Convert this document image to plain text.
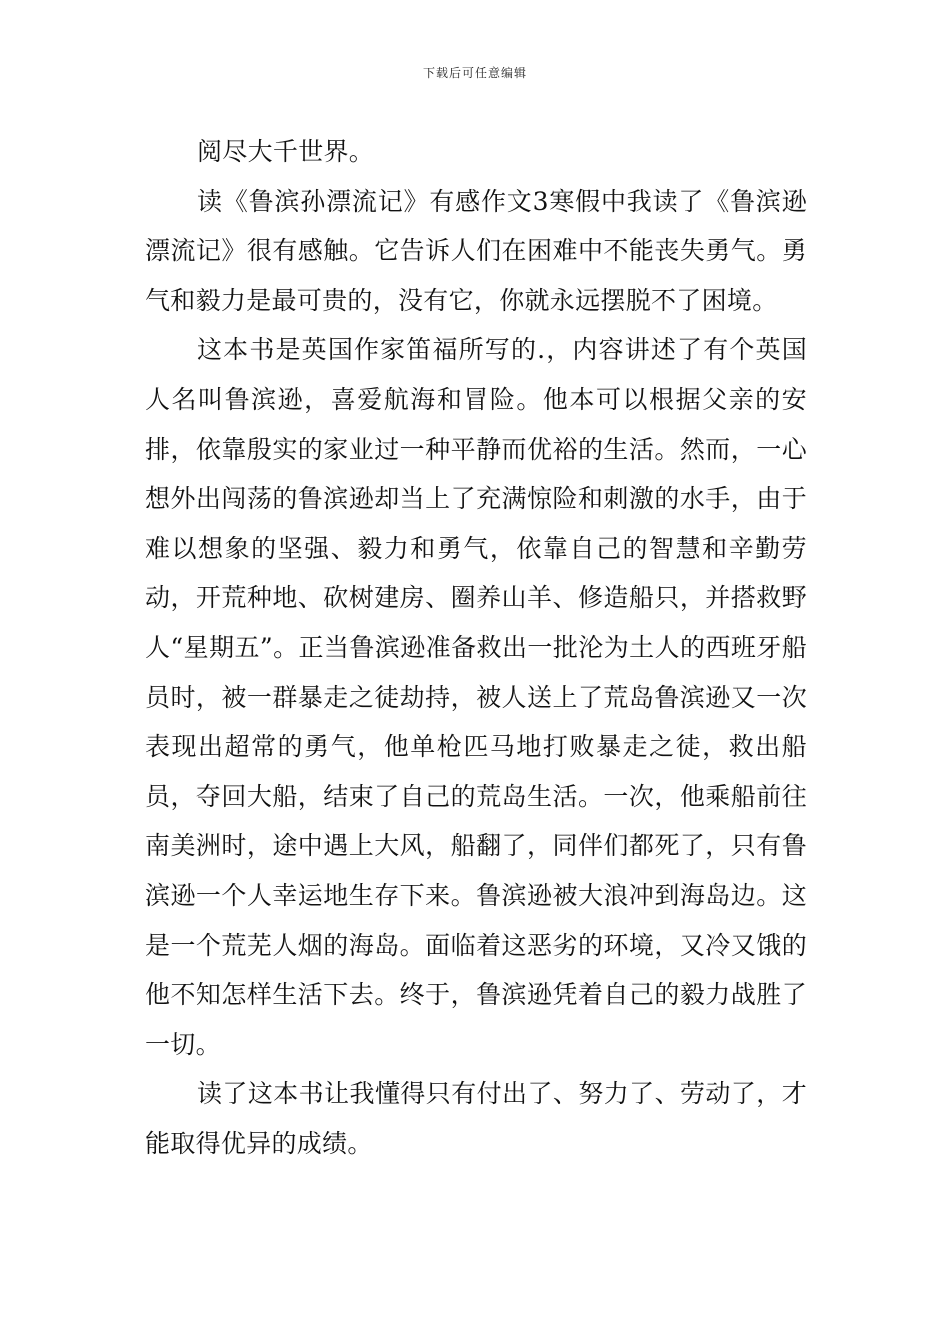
下载后可任意编辑

阅尽大千世界。

读《鲁滨孙漂流记》有感作文3寒假中我读了《鲁滨逊漂流记》很有感触。它告诉人们在困难中不能丧失勇气。勇气和毅力是最可贵的，没有它，你就永远摆脱不了困境。

这本书是英国作家笛福所写的.，内容讲述了有个英国人名叫鲁滨逊，喜爱航海和冒险。他本可以根据父亲的安排，依靠殷实的家业过一种平静而优裕的生活。然而，一心想外出闯荡的鲁滨逊却当上了充满惊险和刺激的水手，由于难以想象的坚强、毅力和勇气，依靠自己的智慧和辛勤劳动，开荒种地、砍树建房、圈养山羊、修造船只，并搭救野人“星期五”。正当鲁滨逊准备救出一批沦为土人的西班牙船员时，被一群暴走之徒劫持，被人送上了荒岛鲁滨逊又一次表现出超常的勇气，他单枪匹马地打败暴走之徒，救出船员，夺回大船，结束了自己的荒岛生活。一次，他乘船前往南美洲时，途中遇上大风，船翻了，同伴们都死了，只有鲁滨逊一个人幸运地生存下来。鲁滨逊被大浪冲到海岛边。这是一个荒芜人烟的海岛。面临着这恶劣的环境，又冷又饿的他不知怎样生活下去。终于，鲁滨逊凭着自己的毅力战胜了一切。

读了这本书让我懂得只有付出了、努力了、劳动了，才能取得优异的成绩。
